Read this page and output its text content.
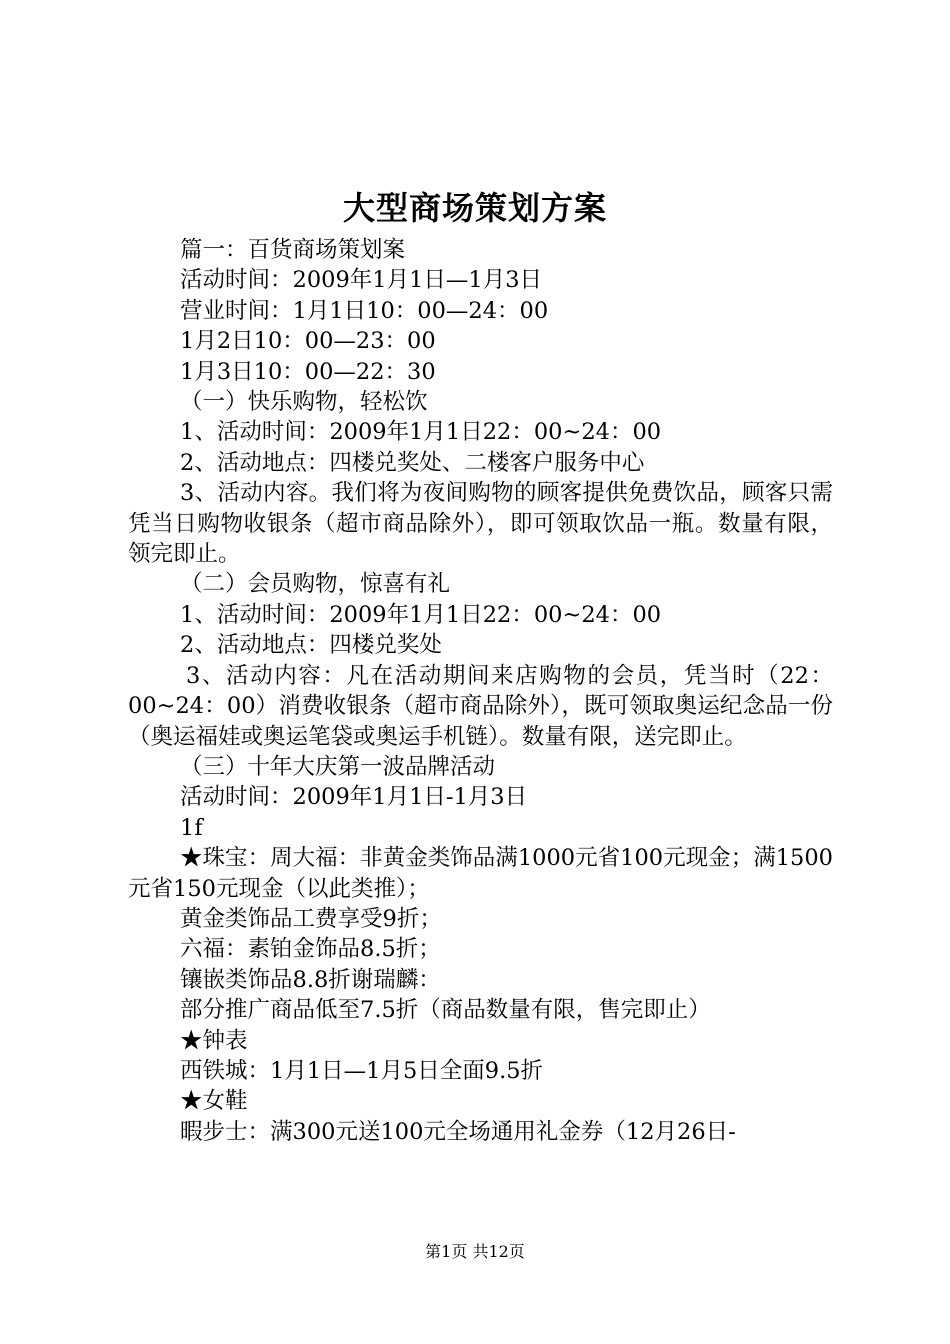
大型商场策划方案
篇一：百货商场策划案
活动时间：2009年1月1日—1月3日
营业时间：1月1日10：00—24：00
1月2日10：00—23：00
1月3日10：00—22：30
（一）快乐购物，轻松饮
1、活动时间：2009年1月1日22：00~24：00
2、活动地点：四楼兑奖处、二楼客户服务中心
3、活动内容。我们将为夜间购物的顾客提供免费饮品，顾客只需凭当日购物收银条（超市商品除外），即可领取饮品一瓶。数量有限，领完即止。
（二）会员购物，惊喜有礼
1、活动时间：2009年1月1日22：00~24：00
2、活动地点：四楼兑奖处
3、活动内容：凡在活动期间来店购物的会员，凭当时（22：00~24：00）消费收银条（超市商品除外），既可领取奥运纪念品一份（奥运福娃或奥运笔袋或奥运手机链）。数量有限，送完即止。
（三）十年大庆第一波品牌活动
活动时间：2009年1月1日-1月3日
1f
★珠宝：周大福：非黄金类饰品满1000元省100元现金；满1500元省150元现金（以此类推）；
黄金类饰品工费享受9折；
六福：素铂金饰品8.5折；
镶嵌类饰品8.8折谢瑞麟：
部分推广商品低至7.5折（商品数量有限，售完即止）
★钟表
西铁城：1月1日—1月5日全面9.5折
★女鞋
暇步士：满300元送100元全场通用礼金券（12月26日-
第1页 共12页
